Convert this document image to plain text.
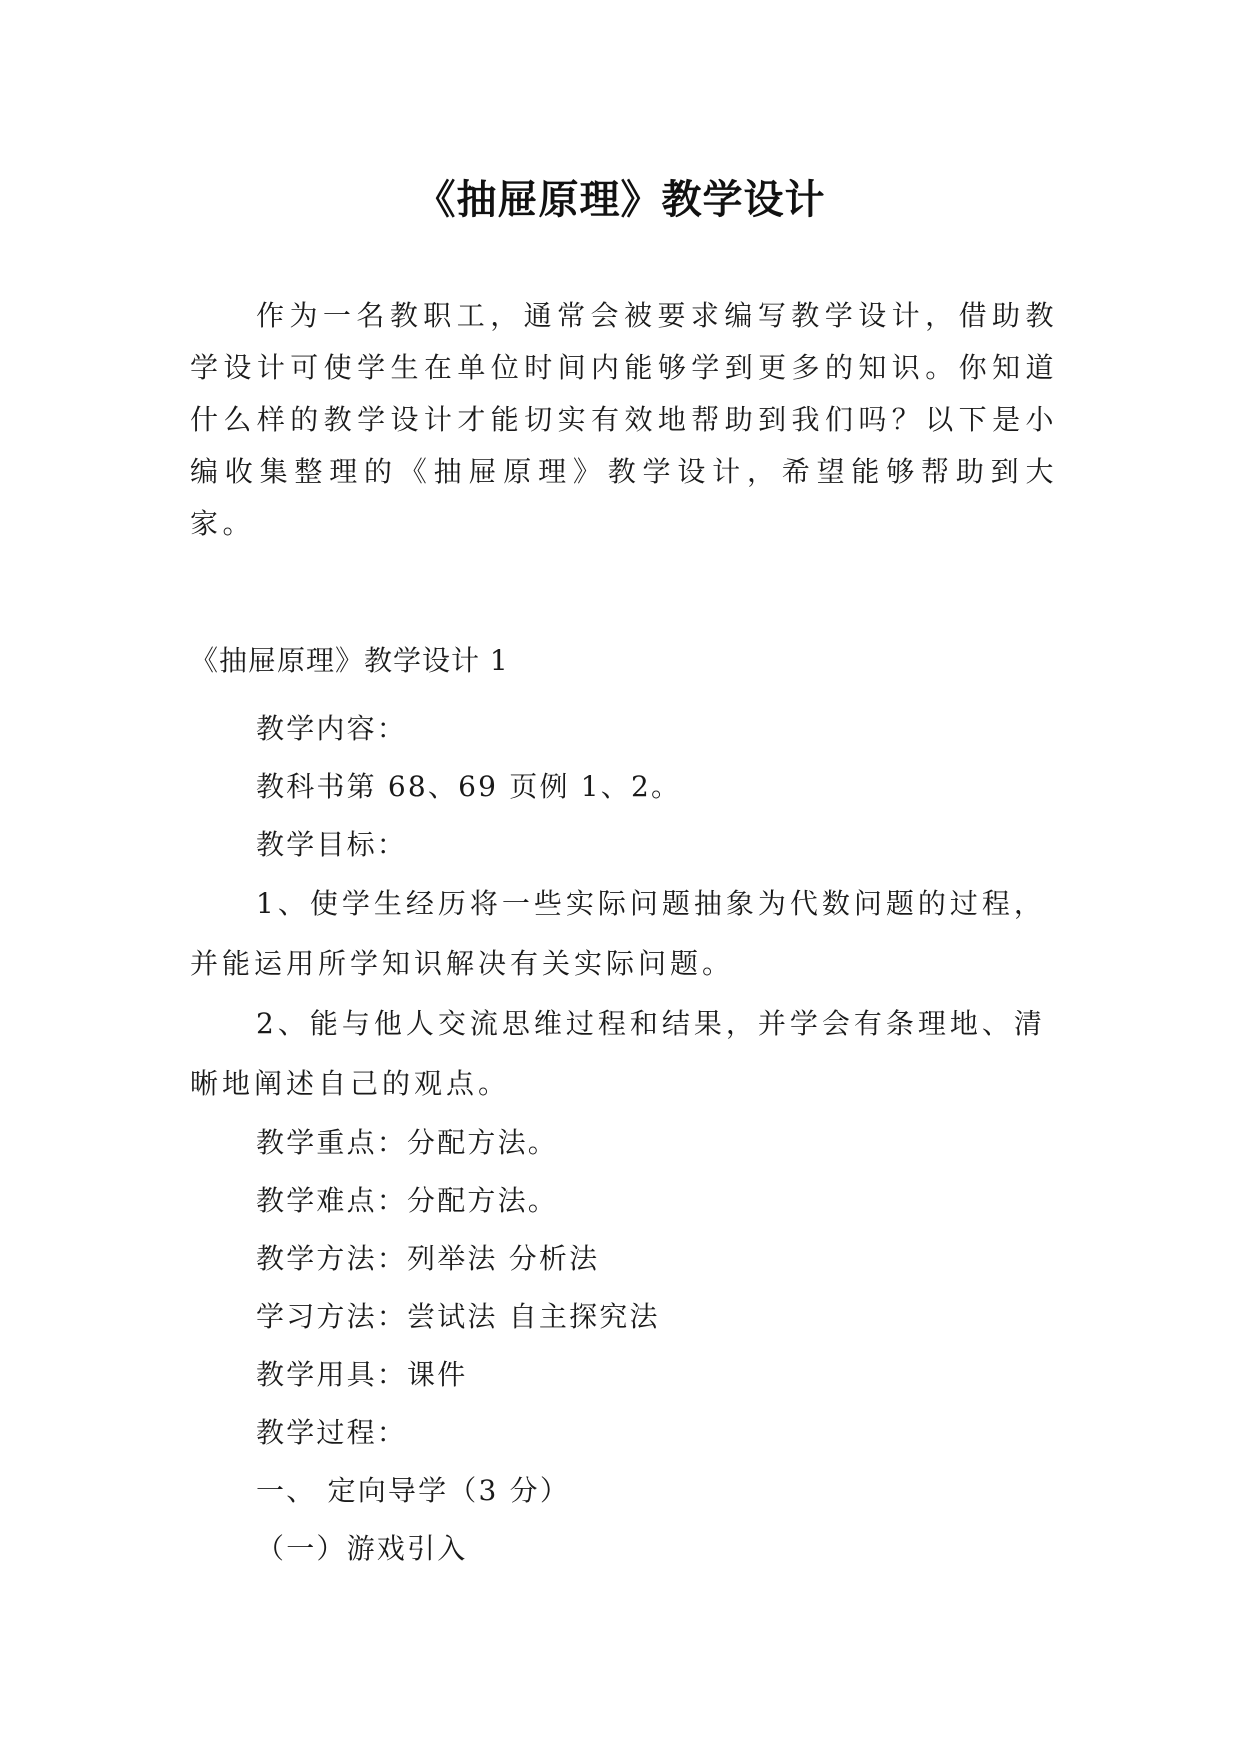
《抽屉原理》教学设计

作为一名教职工，通常会被要求编写教学设计，借助教学设计可使学生在单位时间内能够学到更多的知识。你知道什么样的教学设计才能切实有效地帮助到我们吗？以下是小编收集整理的《抽屉原理》教学设计，希望能够帮助到大家。

《抽屉原理》教学设计 1

教学内容：

教科书第 68、69 页例 1、2。

教学目标：

1、使学生经历将一些实际问题抽象为代数问题的过程，并能运用所学知识解决有关实际问题。

2、能与他人交流思维过程和结果，并学会有条理地、清晰地阐述自己的观点。

教学重点：分配方法。

教学难点：分配方法。

教学方法：列举法 分析法

学习方法：尝试法 自主探究法

教学用具：课件

教学过程：

一、 定向导学（3 分）

（一）游戏引入
